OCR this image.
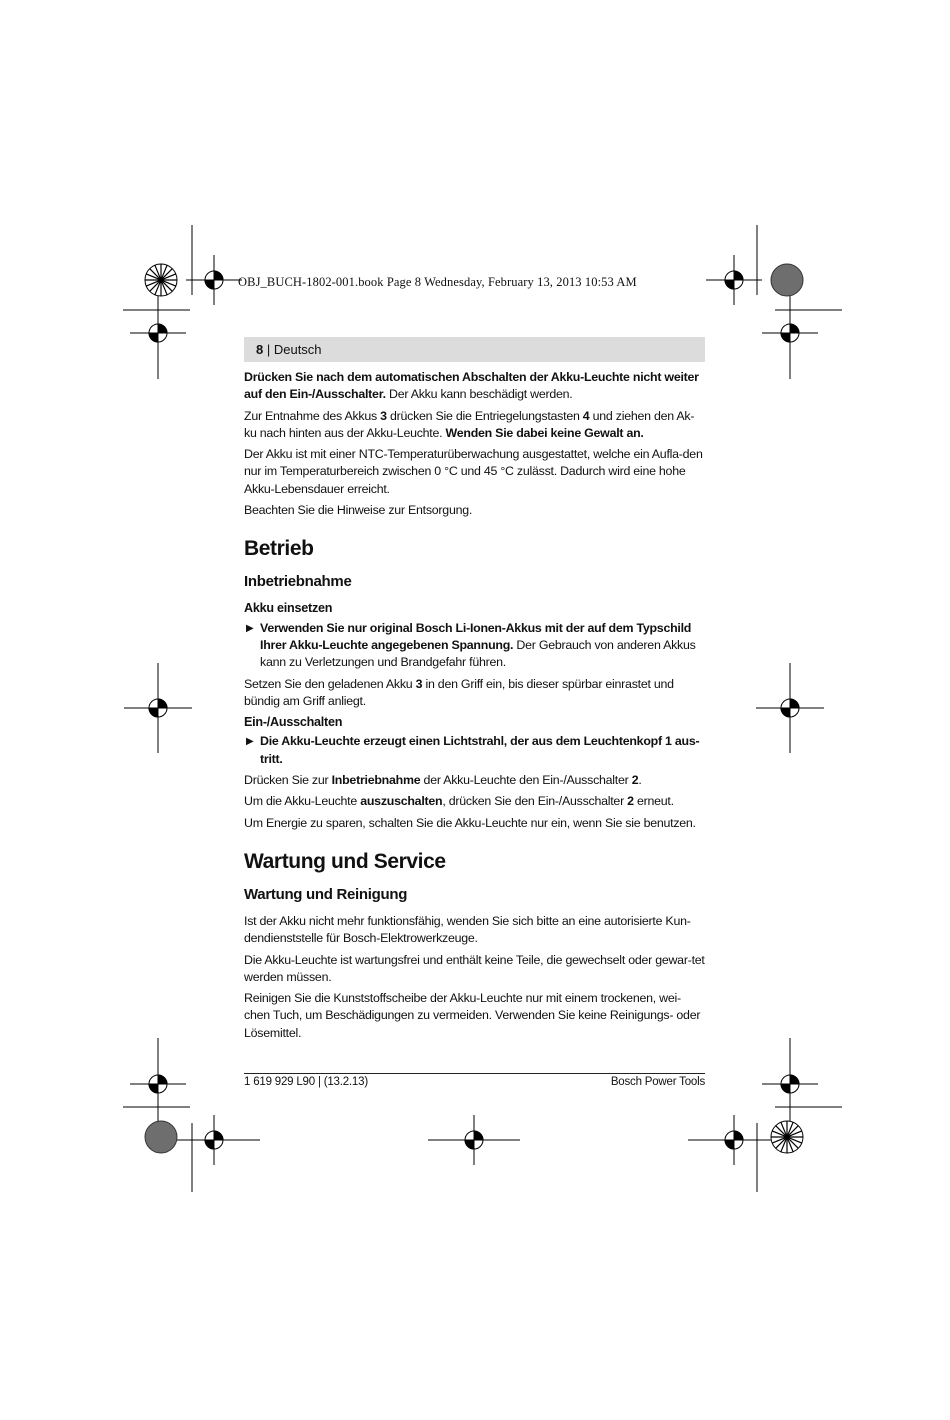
OBJ_BUCH-1802-001.book Page 8 Wednesday, February 13, 2013 10:53 AM
8 | Deutsch

Drücken Sie nach dem automatischen Abschalten der Akku-Leuchte nicht weiter auf den Ein-/Ausschalter. Der Akku kann beschädigt werden.

Zur Entnahme des Akkus 3 drücken Sie die Entriegelungstasten 4 und ziehen den Ak-ku nach hinten aus der Akku-Leuchte. Wenden Sie dabei keine Gewalt an.

Der Akku ist mit einer NTC-Temperaturüberwachung ausgestattet, welche ein Aufla-den nur im Temperaturbereich zwischen 0 °C und 45 °C zulässt. Dadurch wird eine hohe Akku-Lebensdauer erreicht.

Beachten Sie die Hinweise zur Entsorgung.

Betrieb

Inbetriebnahme

Akku einsetzen

▶ Verwenden Sie nur original Bosch Li-Ionen-Akkus mit der auf dem Typschild Ihrer Akku-Leuchte angegebenen Spannung. Der Gebrauch von anderen Akkus kann zu Verletzungen und Brandgefahr führen.

Setzen Sie den geladenen Akku 3 in den Griff ein, bis dieser spürbar einrastet und bündig am Griff anliegt.

Ein-/Ausschalten

▶ Die Akku-Leuchte erzeugt einen Lichtstrahl, der aus dem Leuchtenkopf 1 aus-tritt.

Drücken Sie zur Inbetriebnahme der Akku-Leuchte den Ein-/Ausschalter 2.

Um die Akku-Leuchte auszuschalten, drücken Sie den Ein-/Ausschalter 2 erneut.

Um Energie zu sparen, schalten Sie die Akku-Leuchte nur ein, wenn Sie sie benutzen.

Wartung und Service

Wartung und Reinigung

Ist der Akku nicht mehr funktionsfähig, wenden Sie sich bitte an eine autorisierte Kun-dendienststelle für Bosch-Elektrowerkzeuge.

Die Akku-Leuchte ist wartungsfrei und enthält keine Teile, die gewechselt oder gewar-tet werden müssen.

Reinigen Sie die Kunststoffscheibe der Akku-Leuchte nur mit einem trockenen, wei-chen Tuch, um Beschädigungen zu vermeiden. Verwenden Sie keine Reinigungs- oder Lösemittel.

1 619 929 L90 | (13.2.13)	Bosch Power Tools
